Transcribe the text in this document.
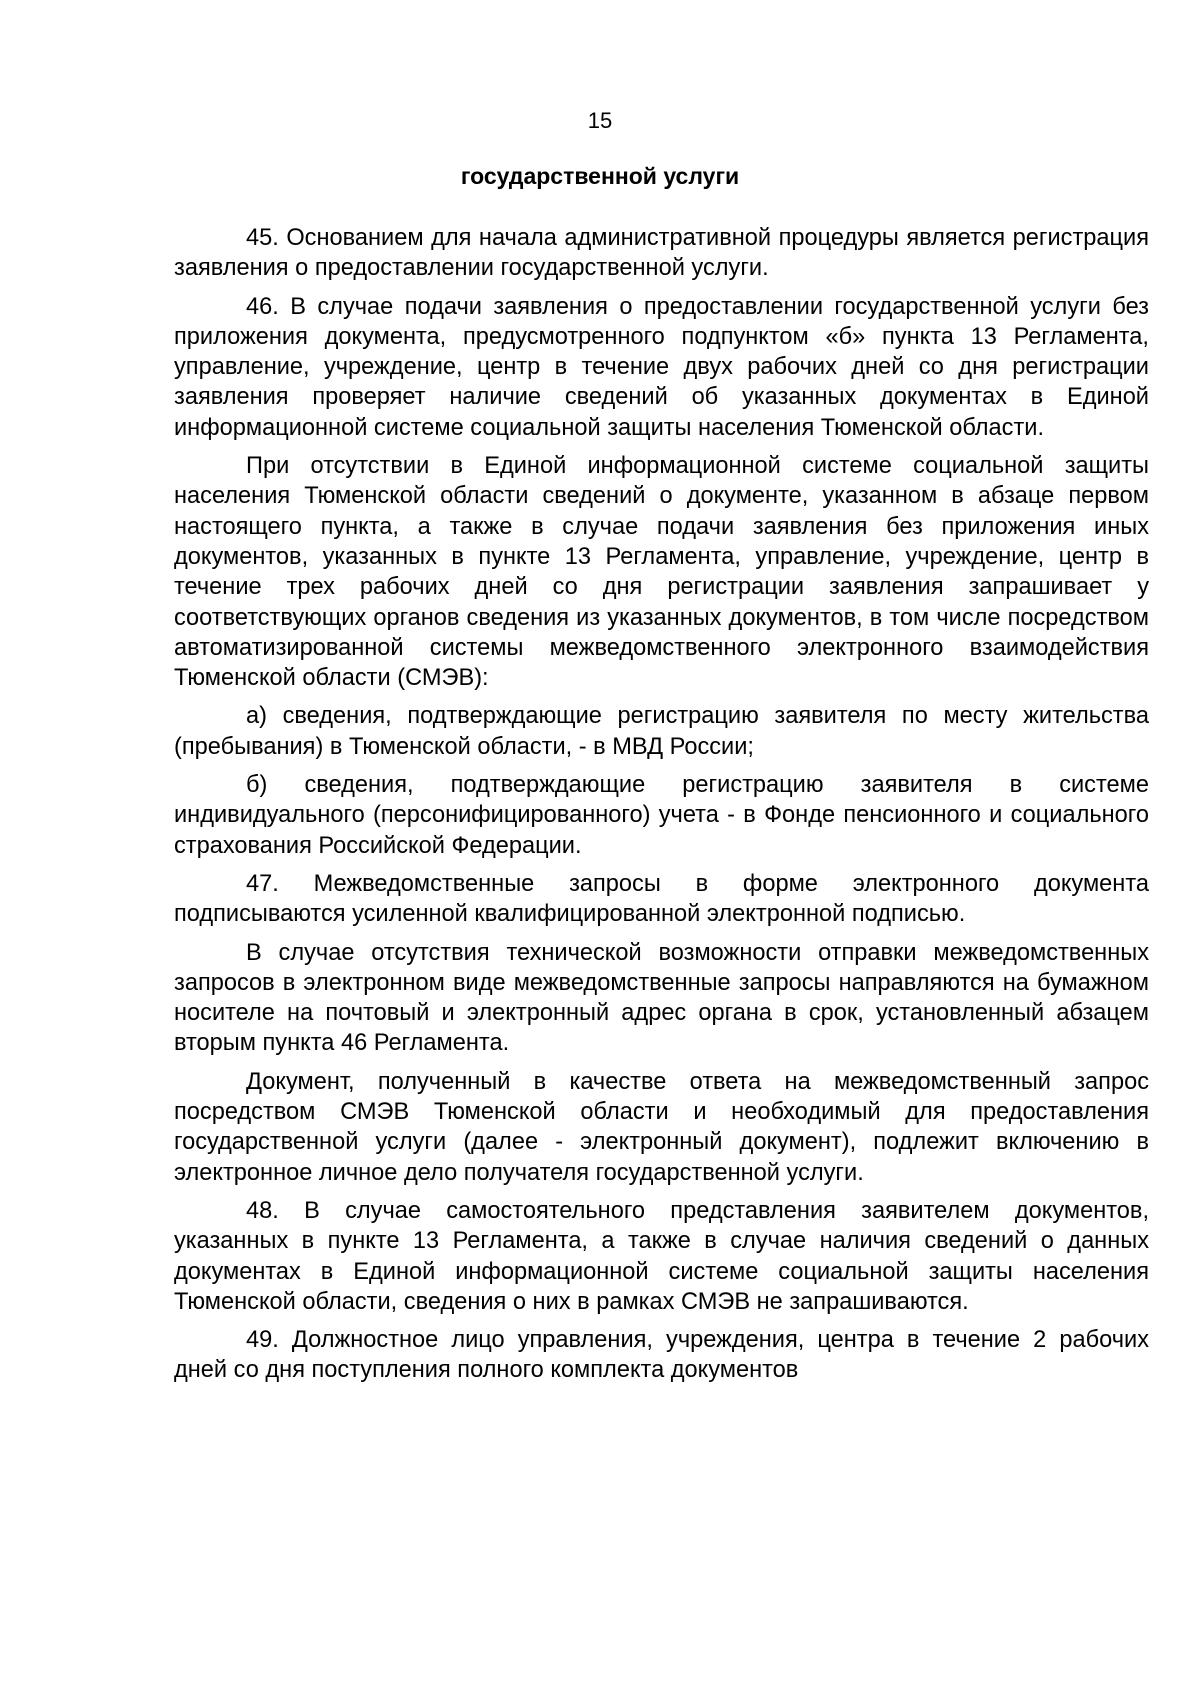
15
государственной услуги

45. Основанием для начала административной процедуры является регистрация заявления о предоставлении государственной услуги.

46. В случае подачи заявления о предоставлении государственной услуги без приложения документа, предусмотренного подпунктом «б» пункта 13 Регламента, управление, учреждение, центр в течение двух рабочих дней со дня регистрации заявления проверяет наличие сведений об указанных документах в Единой информационной системе социальной защиты населения Тюменской области.

При отсутствии в Единой информационной системе социальной защиты населения Тюменской области сведений о документе, указанном в абзаце первом настоящего пункта, а также в случае подачи заявления без приложения иных документов, указанных в пункте 13 Регламента, управление, учреждение, центр в течение трех рабочих дней со дня регистрации заявления запрашивает у соответствующих органов сведения из указанных документов, в том числе посредством автоматизированной системы межведомственного электронного взаимодействия Тюменской области (СМЭВ):

а) сведения, подтверждающие регистрацию заявителя по месту жительства (пребывания) в Тюменской области, - в МВД России;

б) сведения, подтверждающие регистрацию заявителя в системе индивидуального (персонифицированного) учета - в Фонде пенсионного и социального страхования Российской Федерации.

47. Межведомственные запросы в форме электронного документа подписываются усиленной квалифицированной электронной подписью.

В случае отсутствия технической возможности отправки межведомственных запросов в электронном виде межведомственные запросы направляются на бумажном носителе на почтовый и электронный адрес органа в срок, установленный абзацем вторым пункта 46 Регламента.

Документ, полученный в качестве ответа на межведомственный запрос посредством СМЭВ Тюменской области и необходимый для предоставления государственной услуги (далее - электронный документ), подлежит включению в электронное личное дело получателя государственной услуги.

48. В случае самостоятельного представления заявителем документов, указанных в пункте 13 Регламента, а также в случае наличия сведений о данных документах в Единой информационной системе социальной защиты населения Тюменской области, сведения о них в рамках СМЭВ не запрашиваются.

49. Должностное лицо управления, учреждения, центра в течение 2 рабочих дней со дня поступления полного комплекта документов
